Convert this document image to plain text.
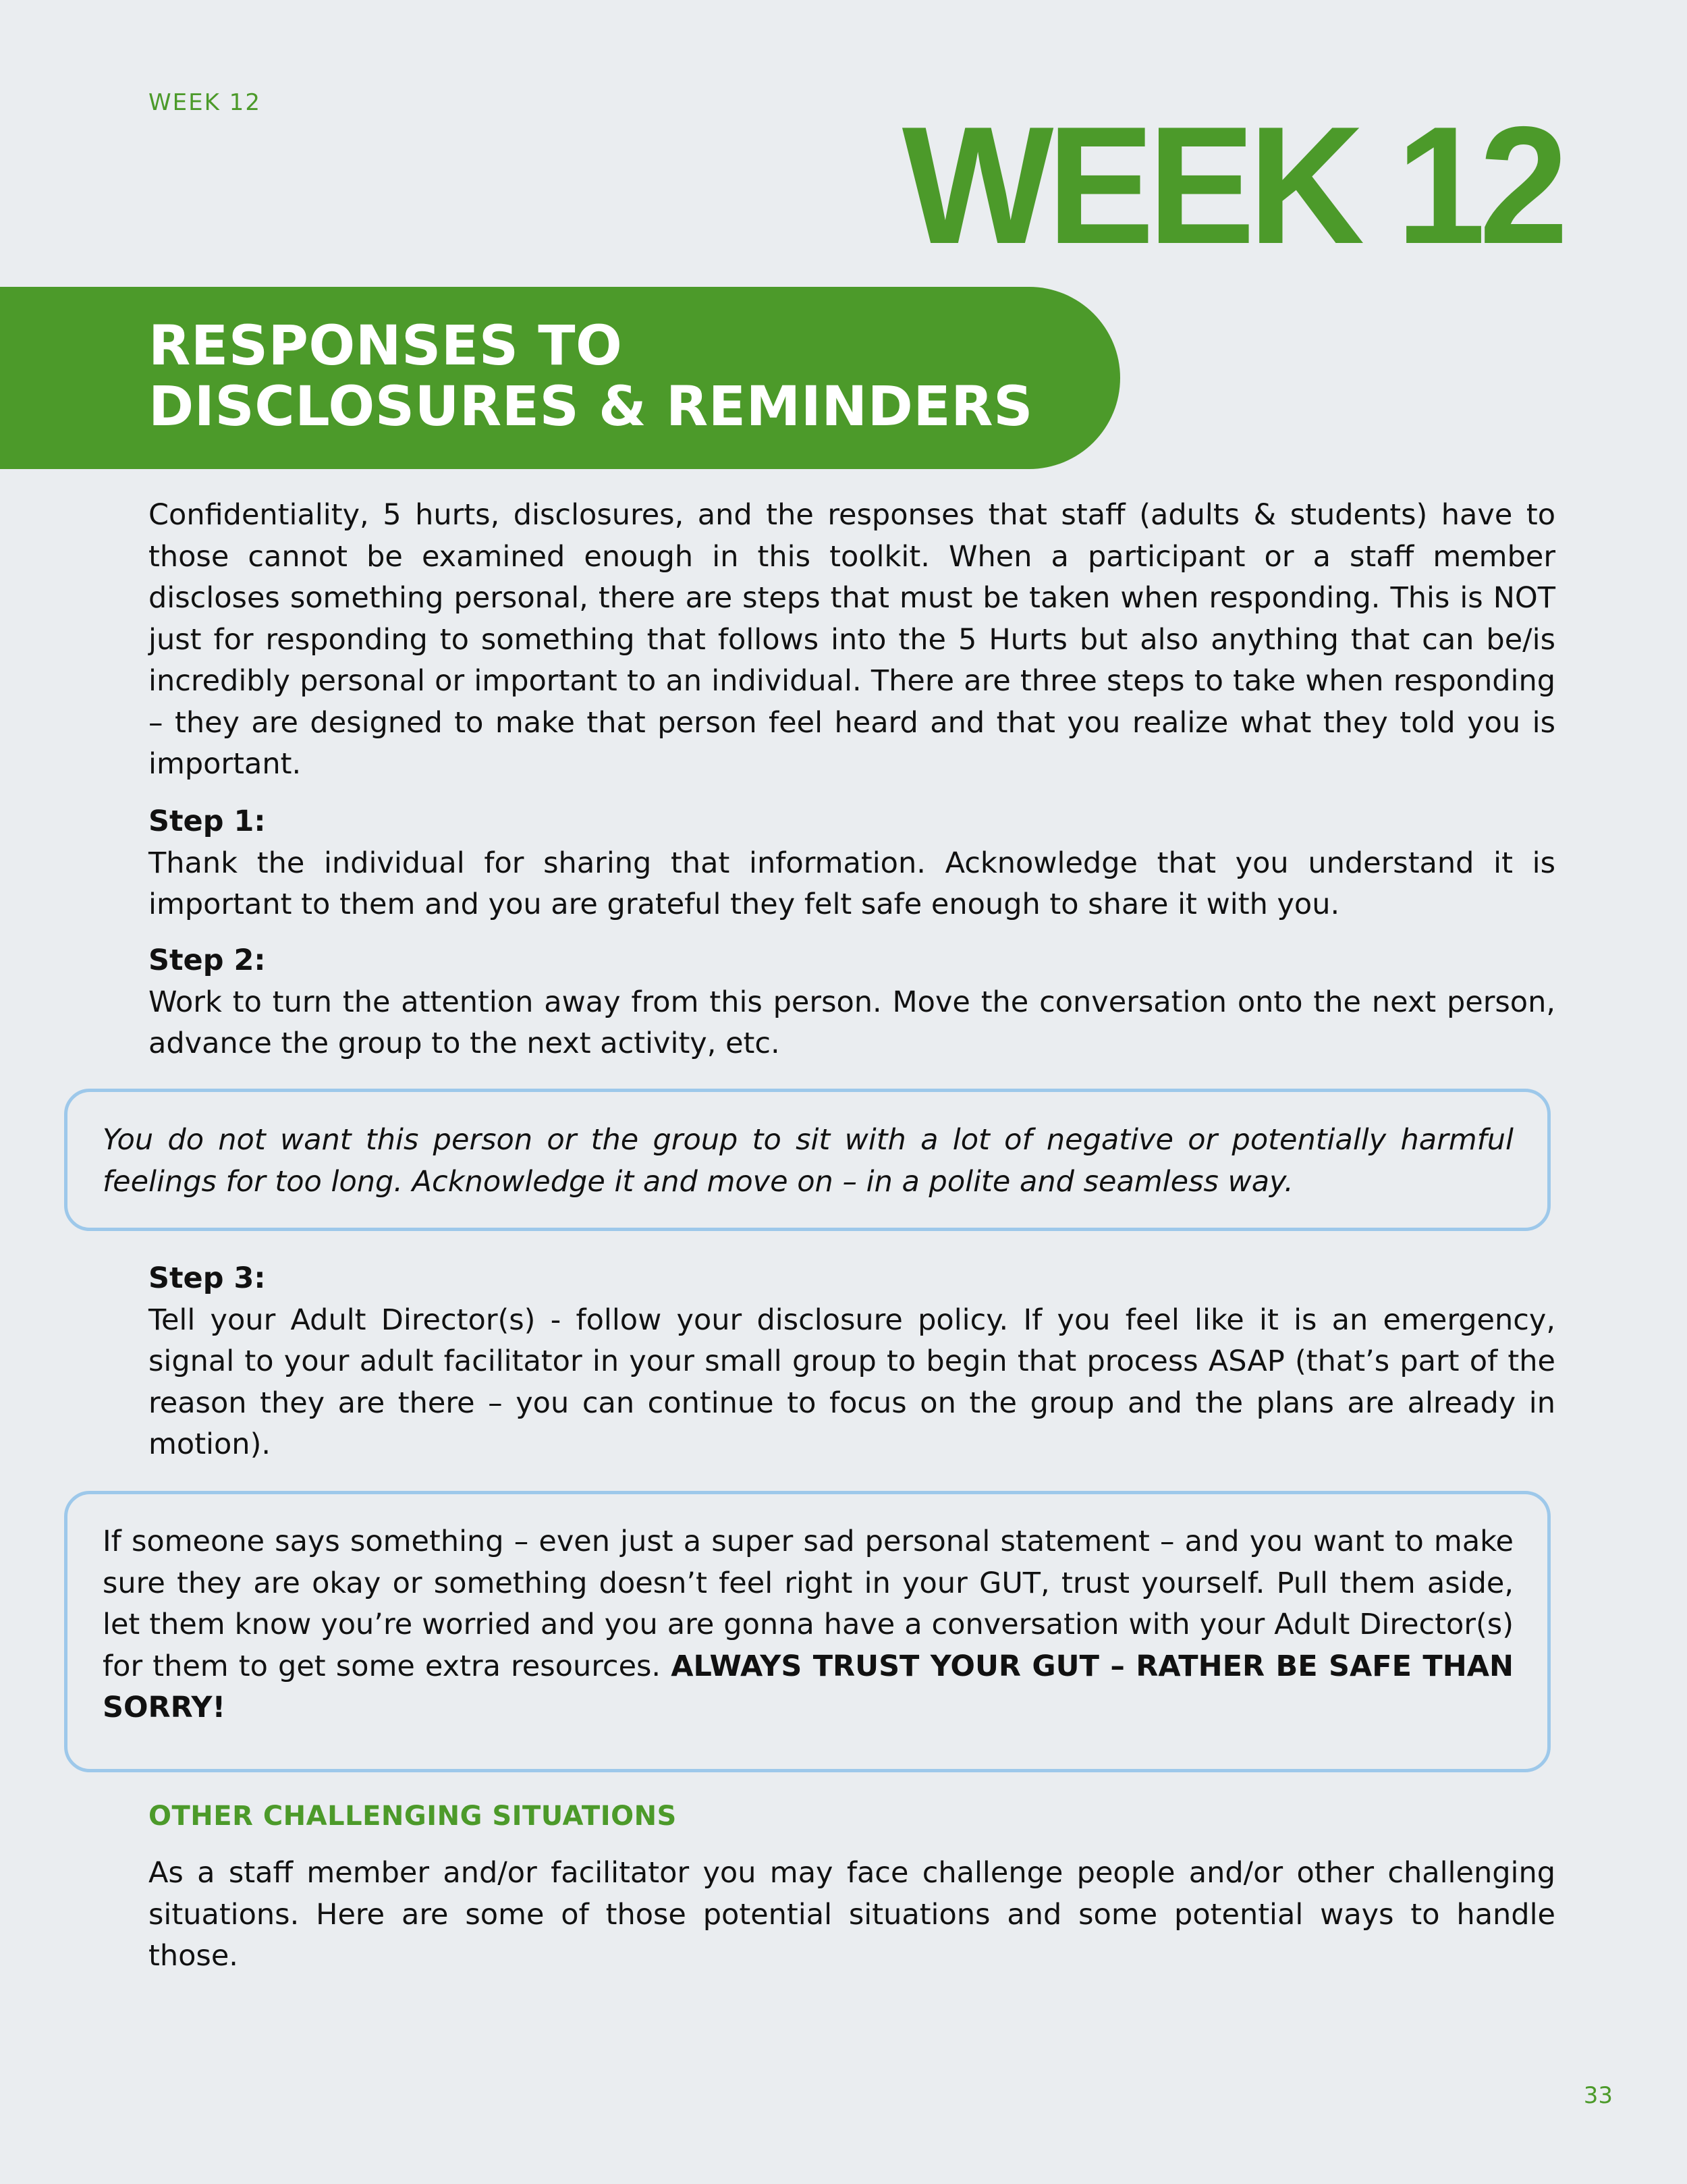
WEEK 12	WEEK 12
RESPONSES TO
DISCLOSURES & REMINDERS
Confidentiality, 5 hurts, disclosures, and the responses that staff (adults & students) have to those cannot be examined enough in this toolkit. When a participant or a staff member discloses something personal, there are steps that must be taken when responding. This is NOT just for responding to something that follows into the 5 Hurts but also anything that can be/is incredibly personal or important to an individual. There are three steps to take when responding – they are designed to make that person feel heard and that you realize what they told you is important.
Step 1:
Thank the individual for sharing that information. Acknowledge that you understand it is important to them and you are grateful they felt safe enough to share it with you.
Step 2:
Work to turn the attention away from this person. Move the conversation onto the next person, advance the group to the next activity, etc.
You do not want this person or the group to sit with a lot of negative or potentially harmful feelings for too long. Acknowledge it and move on – in a polite and seamless way.
Step 3:
Tell your Adult Director(s) - follow your disclosure policy. If you feel like it is an emergency, signal to your adult facilitator in your small group to begin that process ASAP (that’s part of the reason they are there – you can continue to focus on the group and the plans are already in motion).
If someone says something – even just a super sad personal statement – and you want to make sure they are okay or something doesn’t feel right in your GUT, trust yourself. Pull them aside, let them know you’re worried and you are gonna have a conversation with your Adult Director(s) for them to get some extra resources. ALWAYS TRUST YOUR GUT – RATHER BE SAFE THAN SORRY!
OTHER CHALLENGING SITUATIONS
As a staff member and/or facilitator you may face challenge people and/or other challenging situations. Here are some of those potential situations and some potential ways to handle those.
33
